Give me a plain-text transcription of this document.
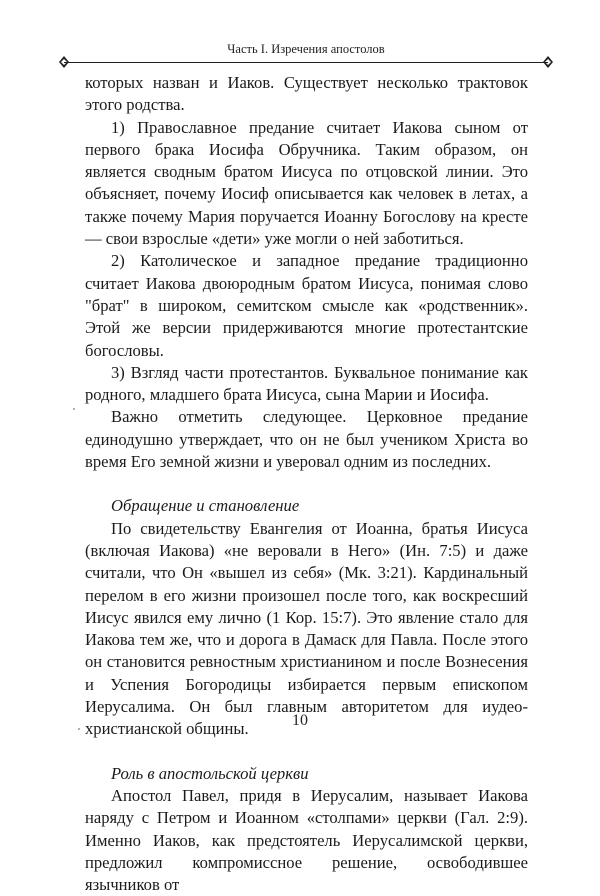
Часть I. Изречения апостолов

которых назван и Иаков. Существует несколько трактовок этого родства.

1) Православное предание считает Иакова сыном от первого брака Иосифа Обручника. Таким образом, он является сводным братом Иисуса по отцовской линии. Это объясняет, почему Иосиф описывается как человек в летах, а также почему Мария поручается Иоанну Богослову на кресте — свои взрослые «дети» уже могли о ней заботиться.

2) Католическое и западное предание традиционно считает Иакова двоюродным братом Иисуса, понимая слово "брат" в широком, семитском смысле как «родственник». Этой же версии придерживаются многие протестантские богословы.

3) Взгляд части протестантов. Буквальное понимание как родного, младшего брата Иисуса, сына Марии и Иосифа.

Важно отметить следующее. Церковное предание единодушно утверждает, что он не был учеником Христа во время Его земной жизни и уверовал одним из последних.

Обращение и становление

По свидетельству Евангелия от Иоанна, братья Иисуса (включая Иакова) «не веровали в Него» (Ин. 7:5) и даже считали, что Он «вышел из себя» (Мк. 3:21). Кардинальный перелом в его жизни произошел после того, как воскресший Иисус явился ему лично (1 Кор. 15:7). Это явление стало для Иакова тем же, что и дорога в Дамаск для Павла. После этого он становится ревностным христианином и после Вознесения и Успения Богородицы избирается первым епископом Иерусалима. Он был главным авторитетом для иудео-христианской общины.

Роль в апостольской церкви

Апостол Павел, придя в Иерусалим, называет Иакова наряду с Петром и Иоанном «столпами» церкви (Гал. 2:9). Именно Иаков, как предстоятель Иерусалимской церкви, предложил компромиссное решение, освободившее язычников от

10
